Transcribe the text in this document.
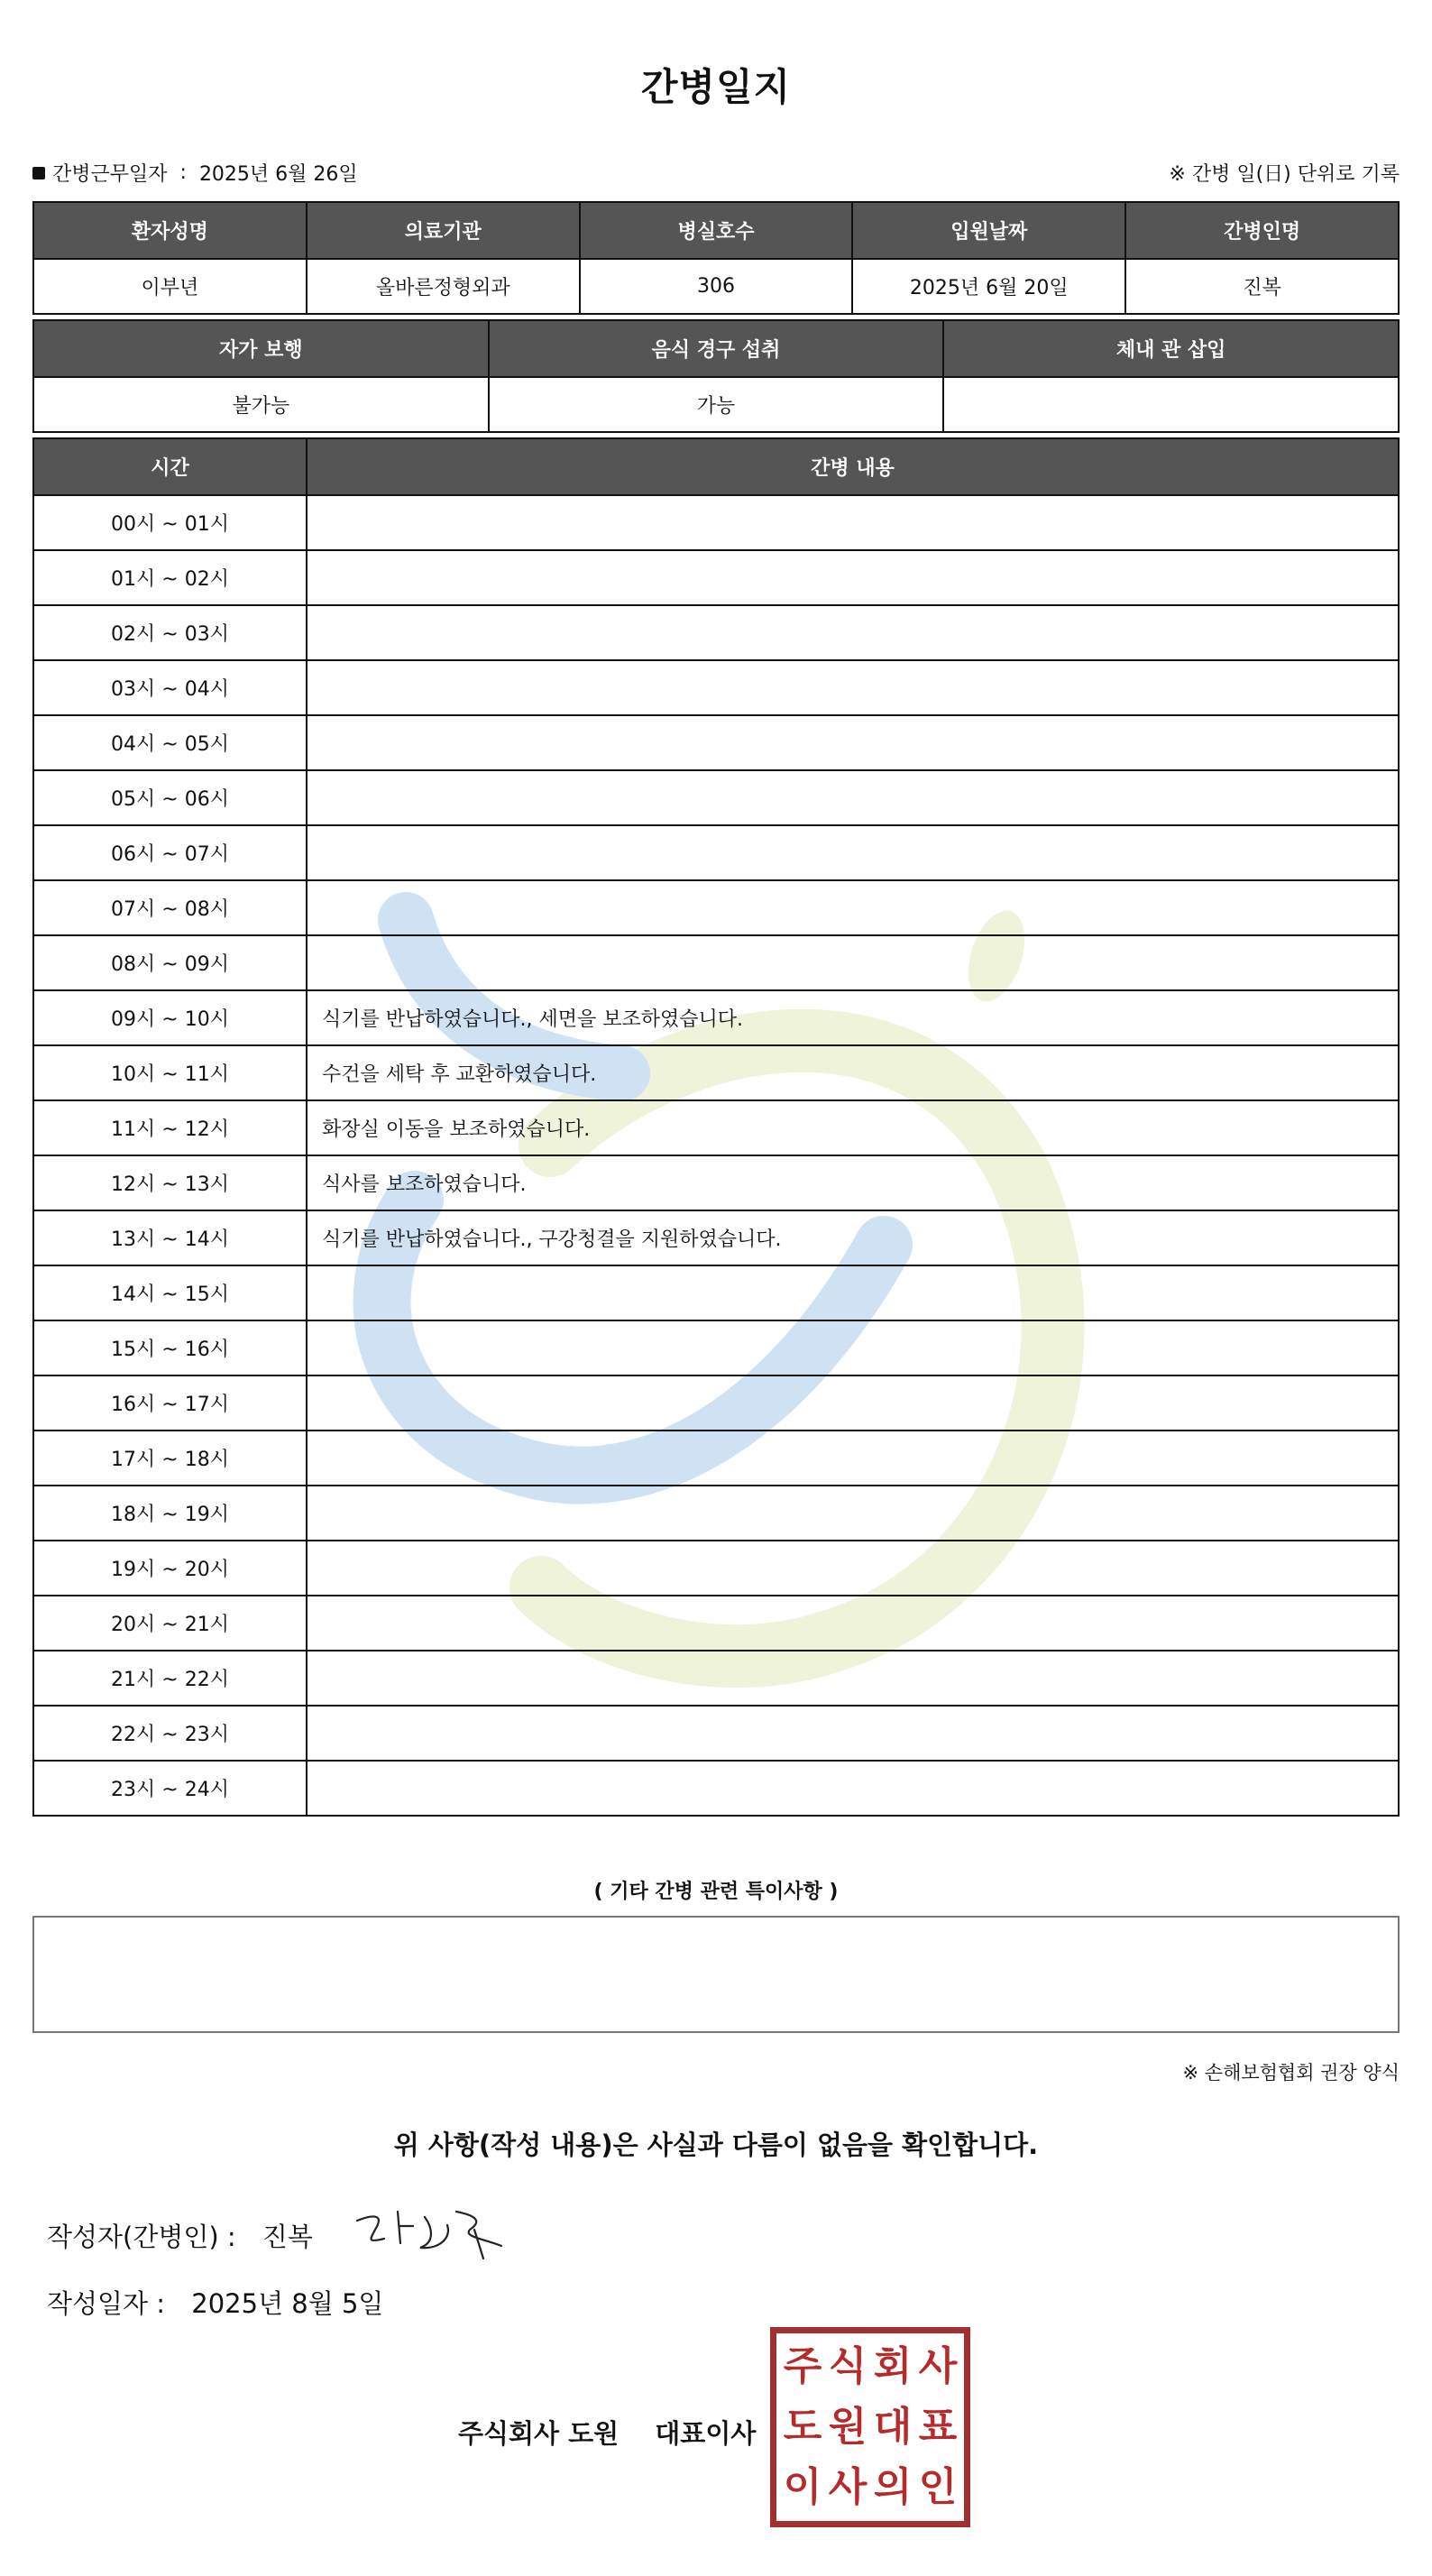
간병일지
간병근무일자 : 2025년 6월 26일	※ 간병 일(日) 단위로 기록
환자성명	의료기관	병실호수	입원날짜	간병인명
이부년	올바른정형외과	306	2025년 6월 20일	진복
자가 보행	음식 경구 섭취	체내 관 삽입
불가능	가능	
시간	간병 내용
00시 ~ 01시	
01시 ~ 02시	
02시 ~ 03시	
03시 ~ 04시	
04시 ~ 05시	
05시 ~ 06시	
06시 ~ 07시	
07시 ~ 08시	
08시 ~ 09시	
09시 ~ 10시	식기를 반납하였습니다., 세면을 보조하였습니다.
10시 ~ 11시	수건을 세탁 후 교환하였습니다.
11시 ~ 12시	화장실 이동을 보조하였습니다.
12시 ~ 13시	식사를 보조하였습니다.
13시 ~ 14시	식기를 반납하였습니다., 구강청결을 지원하였습니다.
14시 ~ 15시	
15시 ~ 16시	
16시 ~ 17시	
17시 ~ 18시	
18시 ~ 19시	
19시 ~ 20시	
20시 ~ 21시	
21시 ~ 22시	
22시 ~ 23시	
23시 ~ 24시	
( 기타 간병 관련 특이사항 )
※ 손해보험협회 권장 양식
위 사항(작성 내용)은 사실과 다름이 없음을 확인합니다.
작성자(간병인) : 진복
작성일자 : 2025년 8월 5일
주식회사 도원 대표이사
주 식 회 사
도 원 대 표
이 사 의 인
